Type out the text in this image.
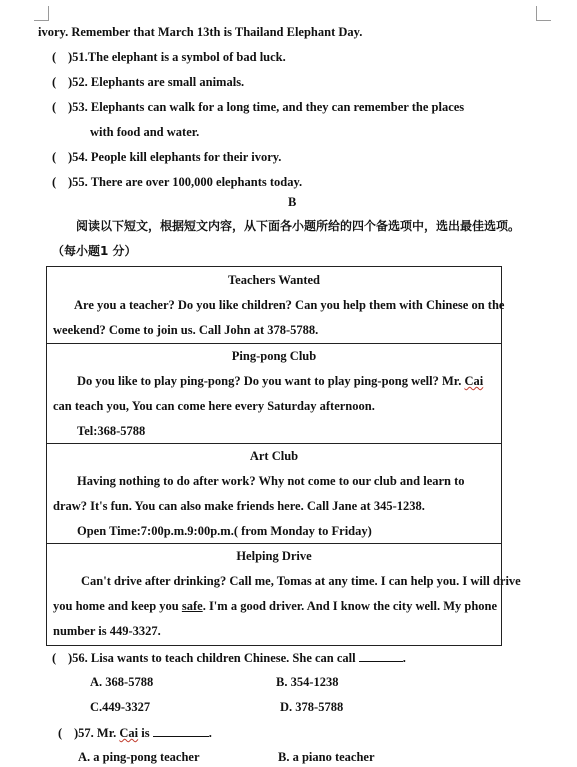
ivory. Remember that March 13th is Thailand Elephant Day.
( )51.The elephant is a symbol of bad luck.
( )52. Elephants are small animals.
( )53. Elephants can walk for a long time, and they can remember the places
with food and water.
( )54. People kill elephants for their ivory.
( )55. There are over 100,000 elephants today.
B
阅读以下短文，根据短文内容，从下面各小题所给的四个备选项中，选出最佳选项。
（每小题1 分）
Teachers Wanted
Are you a teacher? Do you like children? Can you help them with Chinese on the
weekend? Come to join us. Call John at 378-5788.
Ping-pong Club
Do you like to play ping-pong? Do you want to play ping-pong well? Mr. Cai
can teach you, You can come here every Saturday afternoon.
Tel:368-5788
Art Club
Having nothing to do after work? Why not come to our club and learn to
draw? It's fun. You can also make friends here. Call Jane at 345-1238.
Open Time:7:00p.m.9:00p.m.( from Monday to Friday)
Helping Drive
Can't drive after drinking? Call me, Tomas at any time. I can help you. I will drive
you home and keep you safe. I'm a good driver. And I know the city well. My phone
number is 449-3327.
( )56. Lisa wants to teach children Chinese. She can call	.
A. 368-5788	B. 354-1238
C.449-3327	D. 378-5788
( )57. Mr. Cai is	.
A. a ping-pong teacher	B. a piano teacher
